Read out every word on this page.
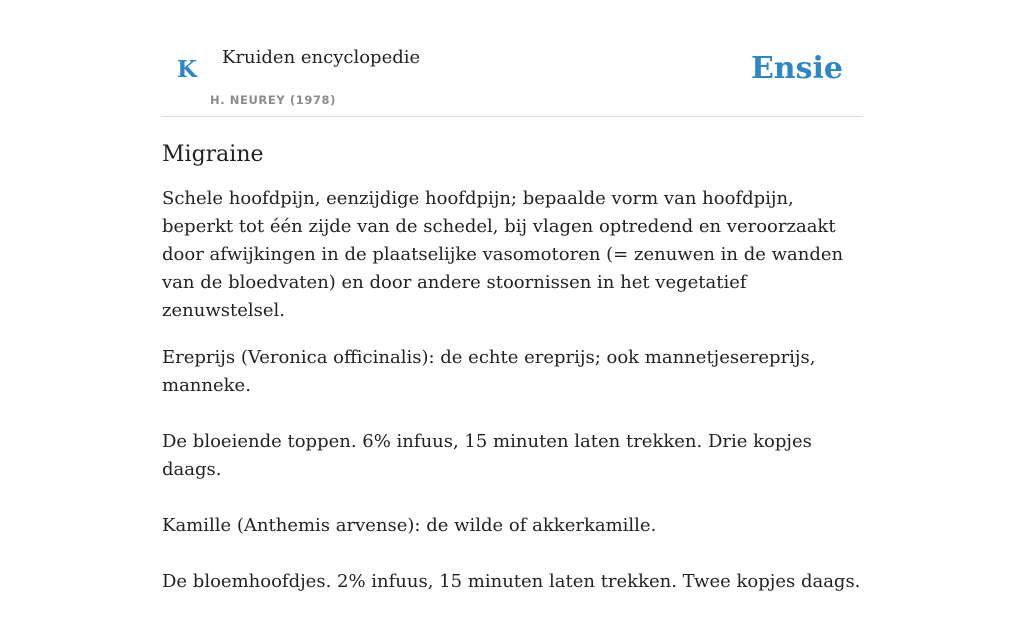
K Kruiden encyclopedie
H. NEUREY (1978)
Ensie
Migraine

Schele hoofdpijn, eenzijdige hoofdpijn; bepaalde vorm van hoofdpijn, beperkt tot één zijde van de schedel, bij vlagen optredend en veroorzaakt door afwijkingen in de plaatselijke vasomotoren (= zenuwen in de wanden van de bloedvaten) en door andere stoornissen in het vegetatief zenuwstelsel.

Ereprijs (Veronica officinalis): de echte ereprijs; ook mannetjesereprijs, manneke.

De bloeiende toppen. 6% infuus, 15 minuten laten trekken. Drie kopjes daags.

Kamille (Anthemis arvense): de wilde of akkerkamille.

De bloemhoofdjes. 2% infuus, 15 minuten laten trekken. Twee kopjes daags.
